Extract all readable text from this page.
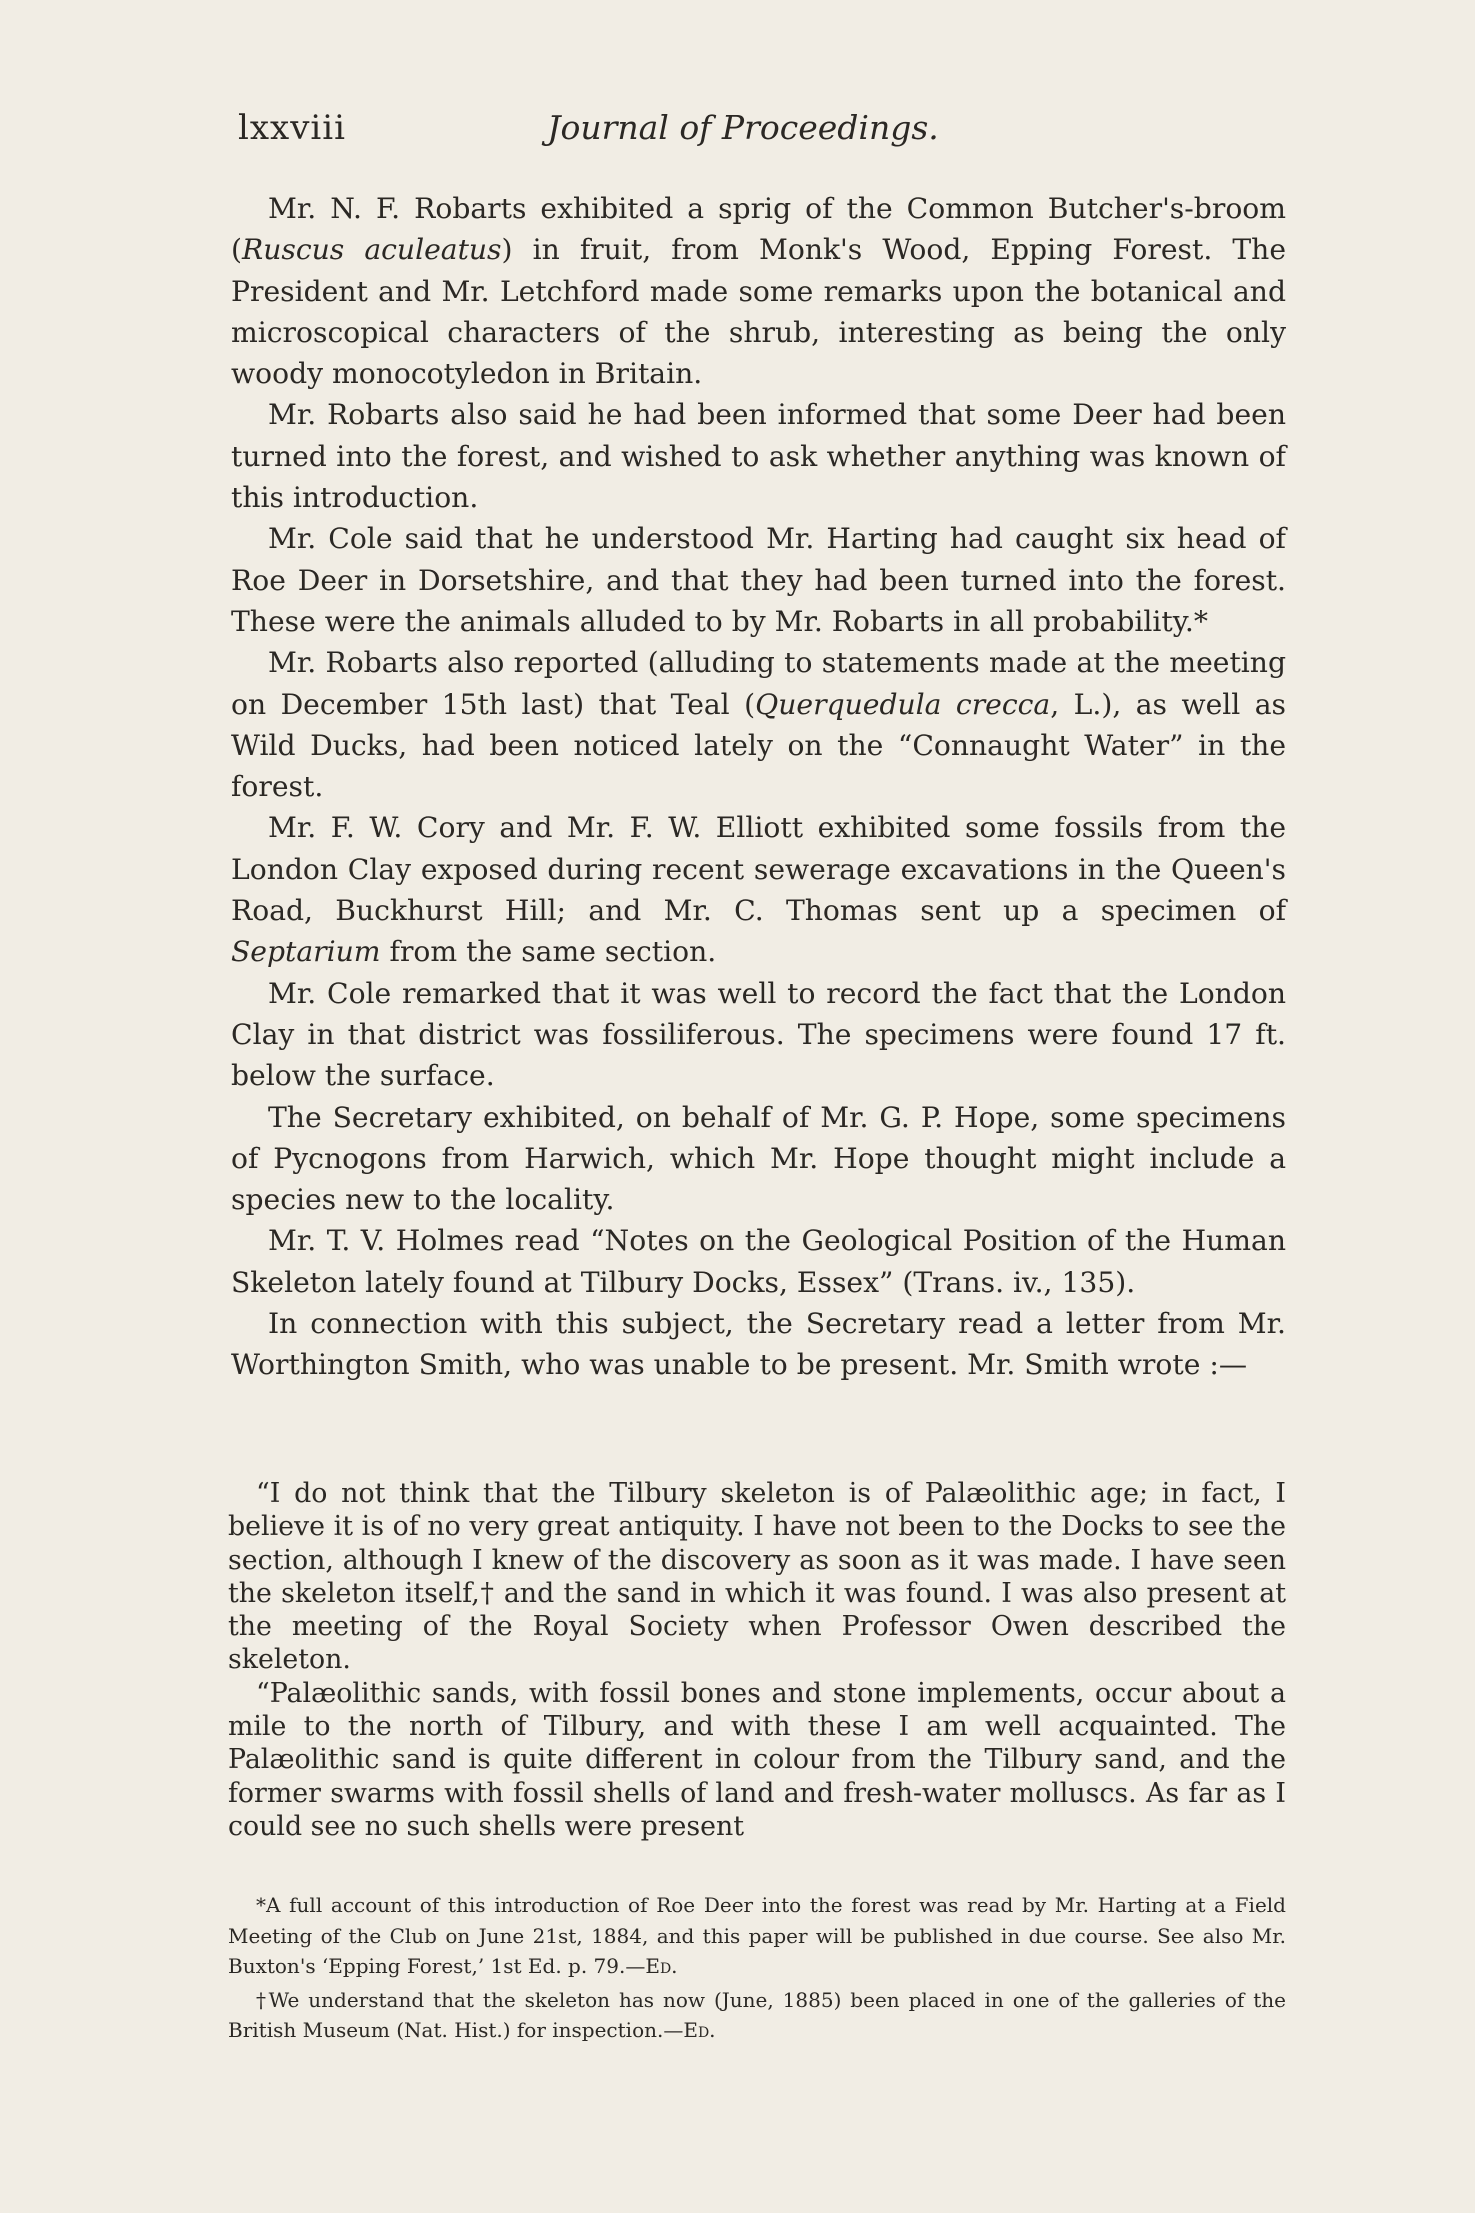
lxxviii	Journal of Proceedings.

Mr. N. F. Robarts exhibited a sprig of the Common Butcher's-broom (Ruscus aculeatus) in fruit, from Monk's Wood, Epping Forest. The President and Mr. Letchford made some remarks upon the botanical and microscopical characters of the shrub, interesting as being the only woody monocotyledon in Britain.

Mr. Robarts also said he had been informed that some Deer had been turned into the forest, and wished to ask whether anything was known of this introduction.

Mr. Cole said that he understood Mr. Harting had caught six head of Roe Deer in Dorsetshire, and that they had been turned into the forest. These were the animals alluded to by Mr. Robarts in all probability.*

Mr. Robarts also reported (alluding to statements made at the meeting on December 15th last) that Teal (Querquedula crecca, L.), as well as Wild Ducks, had been noticed lately on the “Connaught Water” in the forest.

Mr. F. W. Cory and Mr. F. W. Elliott exhibited some fossils from the London Clay exposed during recent sewerage excavations in the Queen's Road, Buckhurst Hill; and Mr. C. Thomas sent up a specimen of Septarium from the same section.

Mr. Cole remarked that it was well to record the fact that the London Clay in that district was fossiliferous. The specimens were found 17 ft. below the surface.

The Secretary exhibited, on behalf of Mr. G. P. Hope, some specimens of Pycnogons from Harwich, which Mr. Hope thought might include a species new to the locality.

Mr. T. V. Holmes read “Notes on the Geological Position of the Human Skeleton lately found at Tilbury Docks, Essex” (Trans. iv., 135).

In connection with this subject, the Secretary read a letter from Mr. Worthington Smith, who was unable to be present. Mr. Smith wrote :—

“I do not think that the Tilbury skeleton is of Palæolithic age; in fact, I believe it is of no very great antiquity. I have not been to the Docks to see the section, although I knew of the discovery as soon as it was made. I have seen the skeleton itself,† and the sand in which it was found. I was also present at the meeting of the Royal Society when Professor Owen described the skeleton.

“Palæolithic sands, with fossil bones and stone implements, occur about a mile to the north of Tilbury, and with these I am well acquainted. The Palæolithic sand is quite different in colour from the Tilbury sand, and the former swarms with fossil shells of land and fresh-water molluscs. As far as I could see no such shells were present

*A full account of this introduction of Roe Deer into the forest was read by Mr. Harting at a Field Meeting of the Club on June 21st, 1884, and this paper will be published in due course. See also Mr. Buxton's ‘Epping Forest,’ 1st Ed. p. 79.—Ed.

†We understand that the skeleton has now (June, 1885) been placed in one of the galleries of the British Museum (Nat. Hist.) for inspection.—Ed.
